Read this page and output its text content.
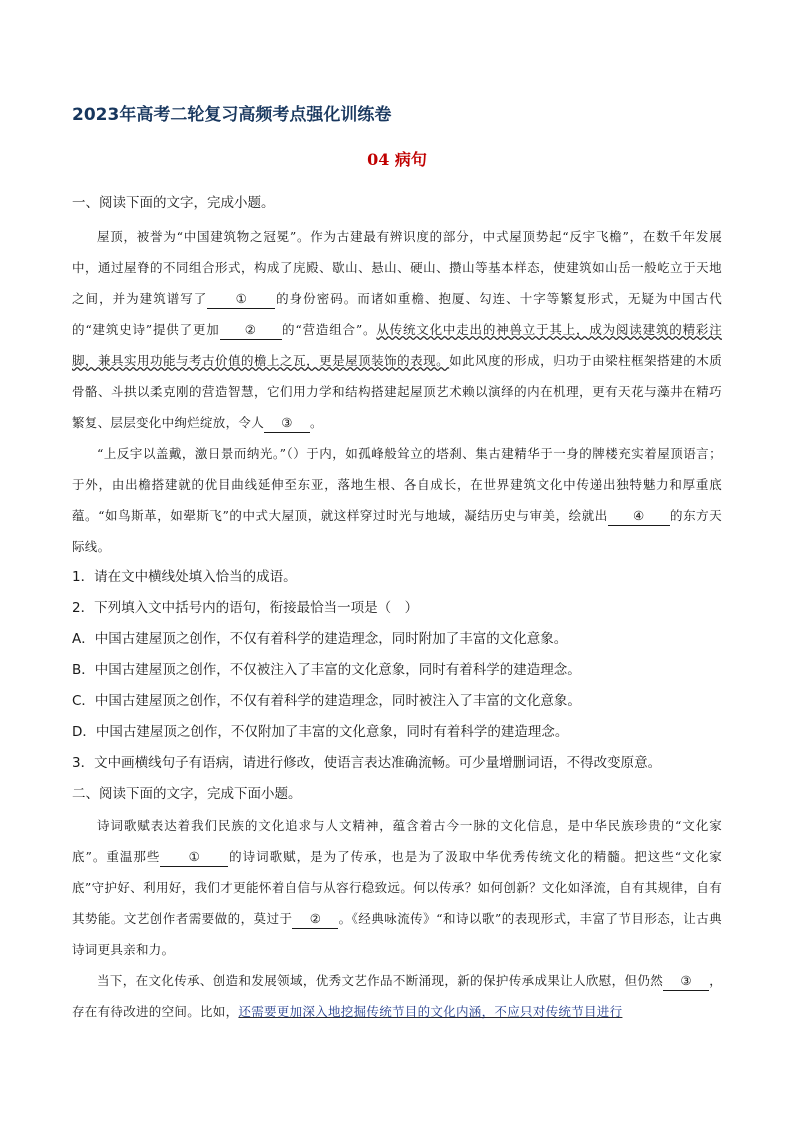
2023年高考二轮复习高频考点强化训练卷
04 病句

一、阅读下面的文字，完成小题。

屋顶，被誉为“中国建筑物之冠冕”。作为古建最有辨识度的部分，中式屋顶势起“反宇飞檐”，在数千年发展中，通过屋脊的不同组合形式，构成了庑殿、歇山、悬山、硬山、攒山等基本样态，使建筑如山岳一般屹立于天地之间，并为建筑谱写了 ① 的身份密码。而诸如重檐、抱厦、勾连、十字等繁复形式，无疑为中国古代的“建筑史诗”提供了更加 ② 的“营造组合”。从传统文化中走出的神兽立于其上，成为阅读建筑的精彩注脚，兼具实用功能与考古价值的檐上之瓦，更是屋顶装饰的表现。如此风度的形成，归功于由梁柱框架搭建的木质骨骼、斗拱以柔克刚的营造智慧，它们用力学和结构搭建起屋顶艺术赖以演绎的内在机理，更有天花与藻井在精巧繁复、层层变化中绚烂绽放，令人 ③ 。

“上反宇以盖戴，激日景而纳光。”（）于内，如孤峰般耸立的塔刹、集古建精华于一身的牌楼充实着屋顶语言；于外，由出檐搭建就的优目曲线延伸至东亚，落地生根、各自成长，在世界建筑文化中传递出独特魅力和厚重底蕴。“如鸟斯革，如翚斯飞”的中式大屋顶，就这样穿过时光与地域，凝结历史与审美，绘就出 ④ 的东方天际线。

1．请在文中横线处填入恰当的成语。

2．下列填入文中括号内的语句，衔接最恰当一项是（　）

A．中国古建屋顶之创作，不仅有着科学的建造理念，同时附加了丰富的文化意象。

B．中国古建屋顶之创作，不仅被注入了丰富的文化意象，同时有着科学的建造理念。

C．中国古建屋顶之创作，不仅有着科学的建造理念，同时被注入了丰富的文化意象。

D．中国古建屋顶之创作，不仅附加了丰富的文化意象，同时有着科学的建造理念。

3．文中画横线句子有语病，请进行修改，使语言表达准确流畅。可少量增删词语，不得改变原意。

二、阅读下面的文字，完成下面小题。

诗词歌赋表达着我们民族的文化追求与人文精神，蕴含着古今一脉的文化信息，是中华民族珍贵的“文化家底”。重温那些 ① 的诗词歌赋，是为了传承，也是为了汲取中华优秀传统文化的精髓。把这些“文化家底”守护好、利用好，我们才更能怀着自信与从容行稳致远。何以传承？如何创新？文化如泽流，自有其规律，自有其势能。文艺创作者需要做的，莫过于 ② 。《经典咏流传》“和诗以歌”的表现形式，丰富了节目形态，让古典诗词更具亲和力。

当下，在文化传承、创造和发展领域，优秀文艺作品不断涌现，新的保护传承成果让人欣慰，但仍然 ③ ，存在有待改进的空间。比如，还需要更加深入地挖掘传统节目的文化内涵，不应只对传统节目进行
